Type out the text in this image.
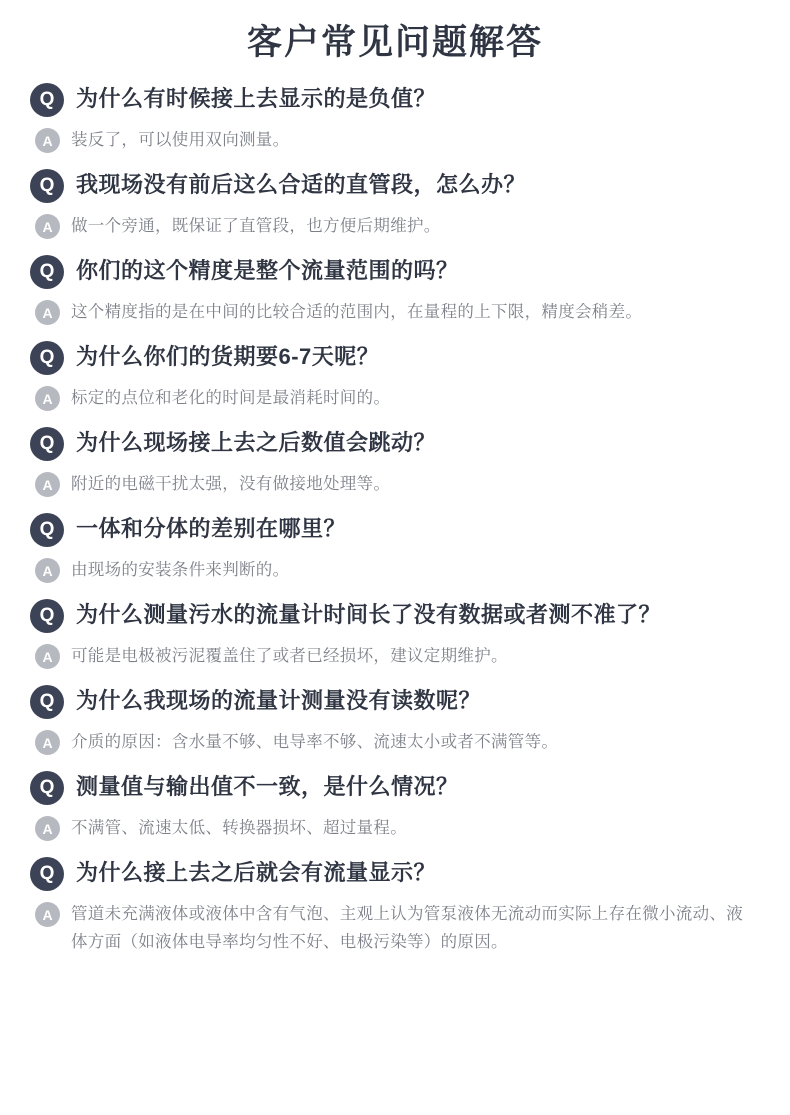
客户常见问题解答
Q 为什么有时候接上去显示的是负值？
A	装反了，可以使用双向测量。
Q 我现场没有前后这么合适的直管段，怎么办？
A	做一个旁通，既保证了直管段，也方便后期维护。
Q 你们的这个精度是整个流量范围的吗？
A	这个精度指的是在中间的比较合适的范围内，在量程的上下限，精度会稍差。
Q 为什么你们的货期要6-7天呢？
A	标定的点位和老化的时间是最消耗时间的。
Q 为什么现场接上去之后数值会跳动？
A	附近的电磁干扰太强，没有做接地处理等。
Q 一体和分体的差别在哪里？
A	由现场的安装条件来判断的。
Q 为什么测量污水的流量计时间长了没有数据或者测不准了？
A	可能是电极被污泥覆盖住了或者已经损坏，建议定期维护。
Q 为什么我现场的流量计测量没有读数呢？
A	介质的原因：含水量不够、电导率不够、流速太小或者不满管等。
Q 测量值与输出值不一致，是什么情况？
A	不满管、流速太低、转换器损坏、超过量程。
Q 为什么接上去之后就会有流量显示？
A	管道未充满液体或液体中含有气泡、主观上认为管泵液体无流动而实际上存在微小流动、液体方面（如液体电导率均匀性不好、电极污染等）的原因。
